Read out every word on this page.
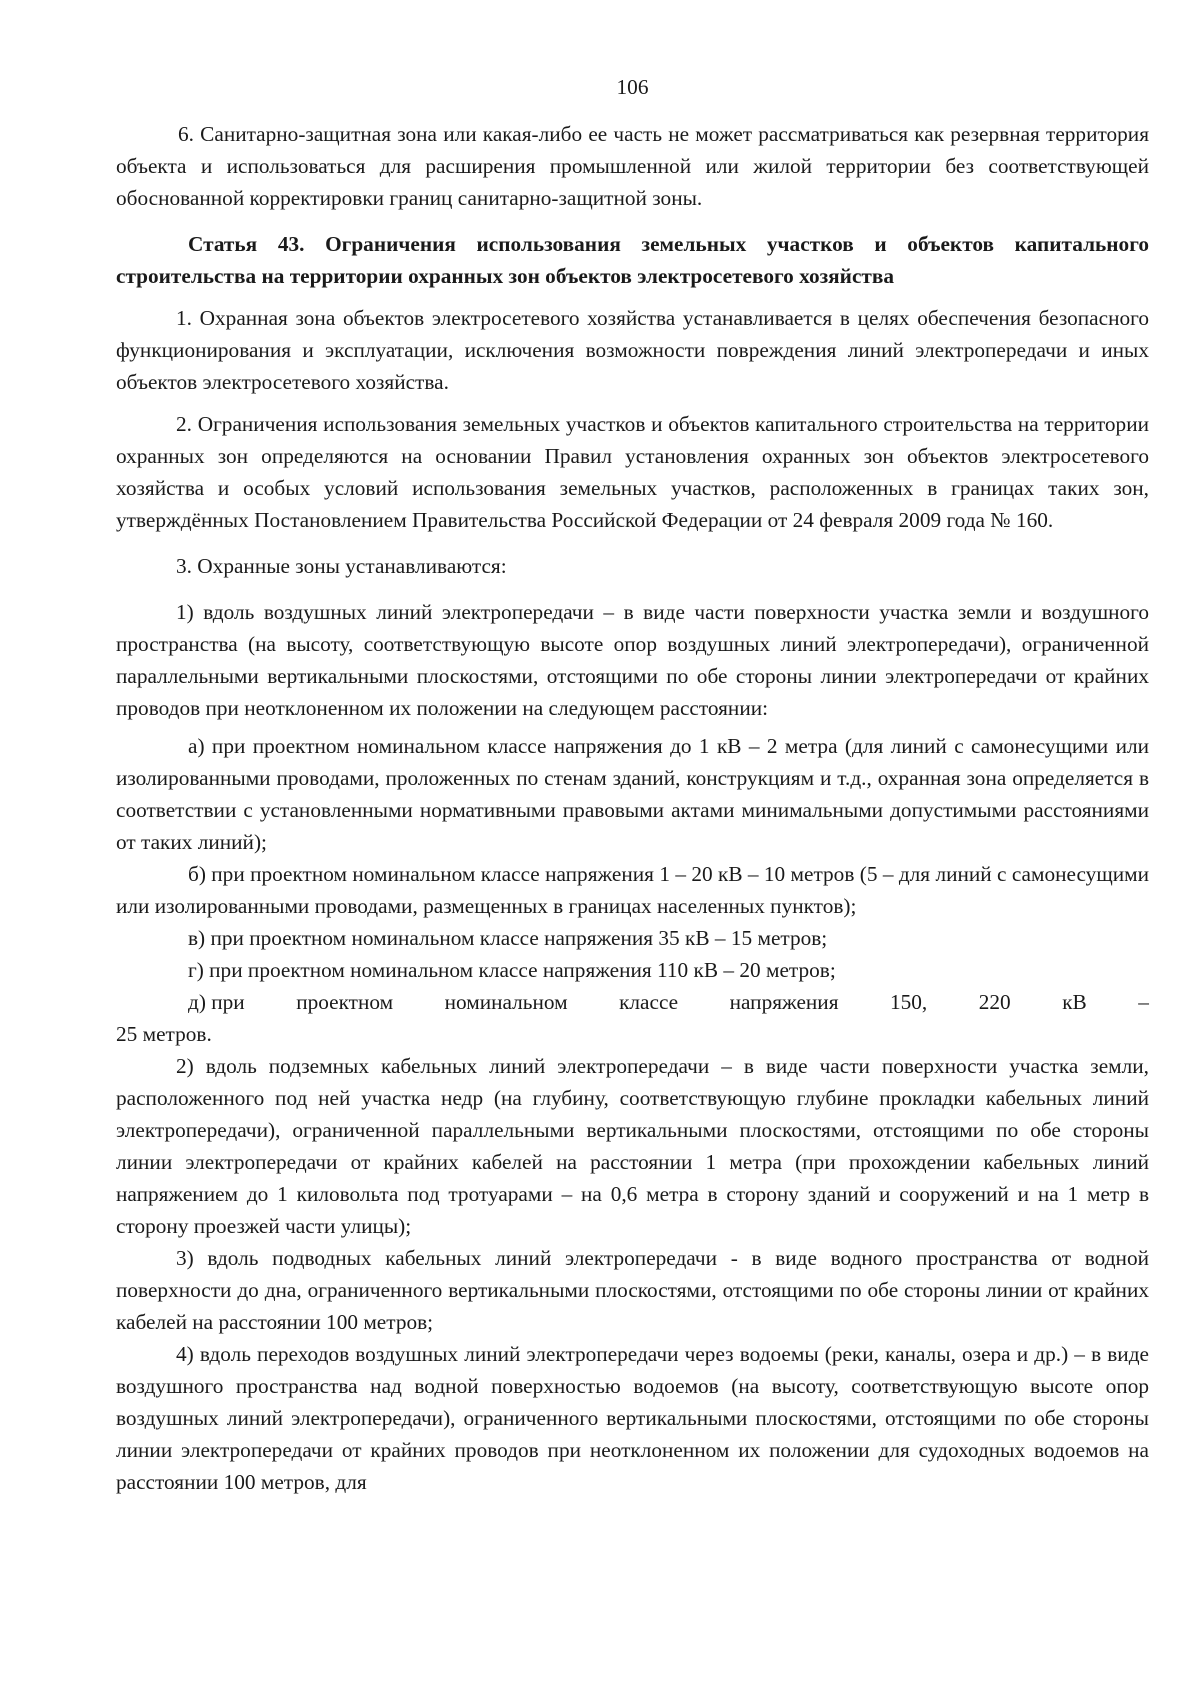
106

6. Санитарно-защитная зона или какая-либо ее часть не может рассматриваться как резервная территория объекта и использоваться для расширения промышленной или жилой территории без соответствующей обоснованной корректировки границ санитарно-защитной зоны.

Статья 43. Ограничения использования земельных участков и объектов капитального строительства на территории охранных зон объектов электросетевого хозяйства

1. Охранная зона объектов электросетевого хозяйства устанавливается в целях обеспечения безопасного функционирования и эксплуатации, исключения возможности повреждения линий электропередачи и иных объектов электросетевого хозяйства.

2. Ограничения использования земельных участков и объектов капитального строительства на территории охранных зон определяются на основании Правил установления охранных зон объектов электросетевого хозяйства и особых условий использования земельных участков, расположенных в границах таких зон, утверждённых Постановлением Правительства Российской Федерации от 24 февраля 2009 года № 160.

3. Охранные зоны устанавливаются:

1) вдоль воздушных линий электропередачи – в виде части поверхности участка земли и воздушного пространства (на высоту, соответствующую высоте опор воздушных линий электропередачи), ограниченной параллельными вертикальными плоскостями, отстоящими по обе стороны линии электропередачи от крайних проводов при неотклоненном их положении на следующем расстоянии:

а) при проектном номинальном классе напряжения до 1 кВ – 2 метра (для линий с самонесущими или изолированными проводами, проложенных по стенам зданий, конструкциям и т.д., охранная зона определяется в соответствии с установленными нормативными правовыми актами минимальными допустимыми расстояниями от таких линий);

б) при проектном номинальном классе напряжения 1 – 20 кВ – 10 метров (5 – для линий с самонесущими или изолированными проводами, размещенных в границах населенных пунктов);

в) при проектном номинальном классе напряжения 35 кВ – 15 метров;

г) при проектном номинальном классе напряжения 110 кВ – 20 метров;

д) при проектном номинальном классе напряжения 150, 220 кВ –

25 метров.

2) вдоль подземных кабельных линий электропередачи – в виде части поверхности участка земли, расположенного под ней участка недр (на глубину, соответствующую глубине прокладки кабельных линий электропередачи), ограниченной параллельными вертикальными плоскостями, отстоящими по обе стороны линии электропередачи от крайних кабелей на расстоянии 1 метра (при прохождении кабельных линий напряжением до 1 киловольта под тротуарами – на 0,6 метра в сторону зданий и сооружений и на 1 метр в сторону проезжей части улицы);

3) вдоль подводных кабельных линий электропередачи - в виде водного пространства от водной поверхности до дна, ограниченного вертикальными плоскостями, отстоящими по обе стороны линии от крайних кабелей на расстоянии 100 метров;

4) вдоль переходов воздушных линий электропередачи через водоемы (реки, каналы, озера и др.) – в виде воздушного пространства над водной поверхностью водоемов (на высоту, соответствующую высоте опор воздушных линий электропередачи), ограниченного вертикальными плоскостями, отстоящими по обе стороны линии электропередачи от крайних проводов при неотклоненном их положении для судоходных водоемов на расстоянии 100 метров, для
